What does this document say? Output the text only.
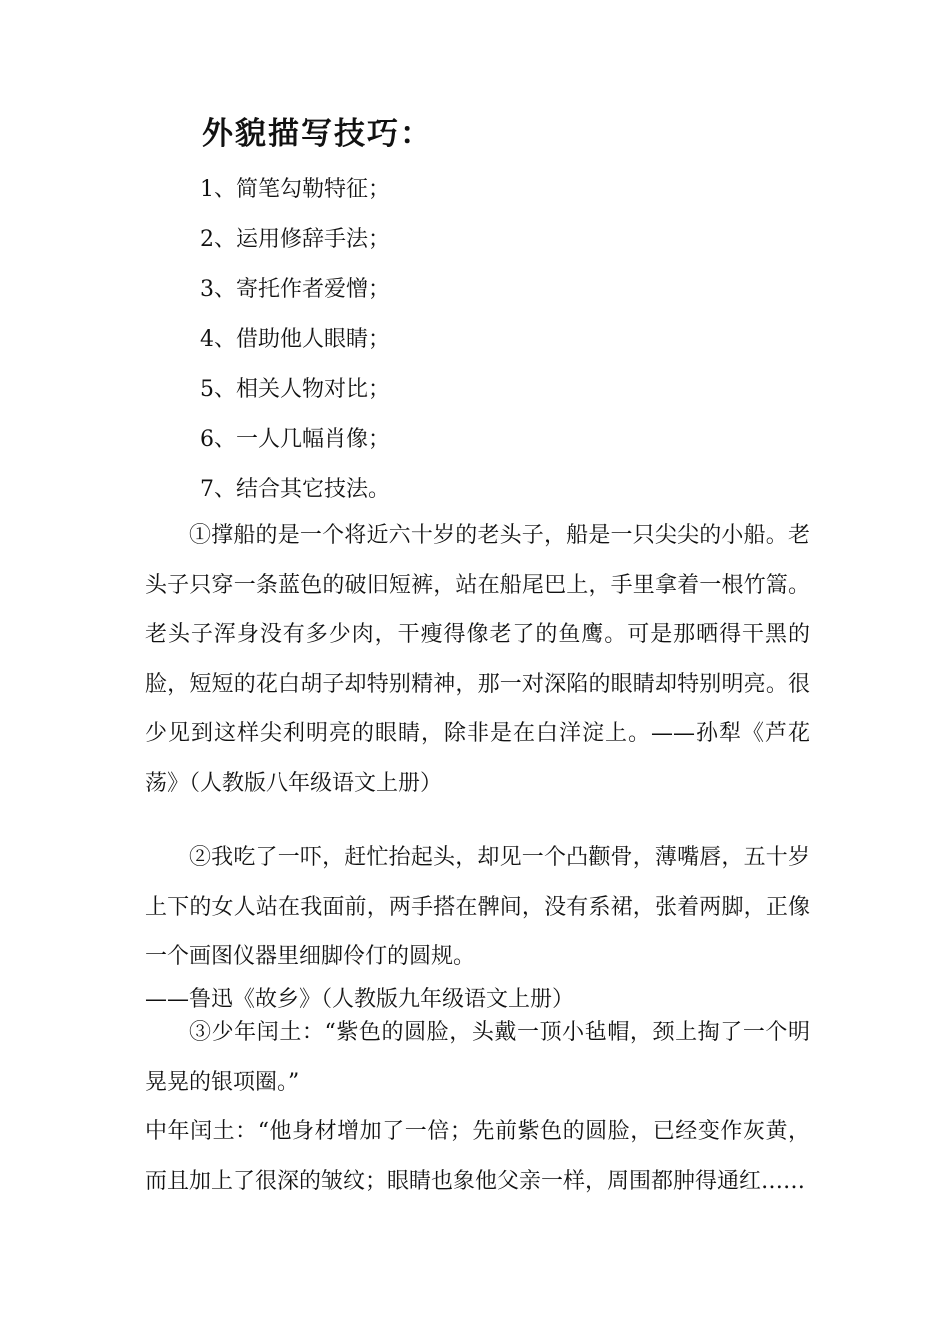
外貌描写技巧：
1、简笔勾勒特征；
2、运用修辞手法；
3、寄托作者爱憎；
4、借助他人眼睛；
5、相关人物对比；
6、一人几幅肖像；
7、结合其它技法。

①撑船的是一个将近六十岁的老头子，船是一只尖尖的小船。老头子只穿一条蓝色的破旧短裤，站在船尾巴上，手里拿着一根竹篙。老头子浑身没有多少肉，干瘦得像老了的鱼鹰。可是那晒得干黑的脸，短短的花白胡子却特别精神，那一对深陷的眼睛却特别明亮。很少见到这样尖利明亮的眼睛，除非是在白洋淀上。——孙犁《芦花荡》（人教版八年级语文上册）

②我吃了一吓，赶忙抬起头，却见一个凸颧骨，薄嘴唇，五十岁上下的女人站在我面前，两手搭在髀间，没有系裙，张着两脚，正像一个画图仪器里细脚伶仃的圆规。

——鲁迅《故乡》（人教版九年级语文上册）

③少年闰土：“紫色的圆脸，头戴一顶小毡帽，颈上掏了一个明晃晃的银项圈。”

中年闰土：“他身材增加了一倍；先前紫色的圆脸，已经变作灰黄，而且加上了很深的皱纹；眼睛也象他父亲一样，周围都肿得通红……
